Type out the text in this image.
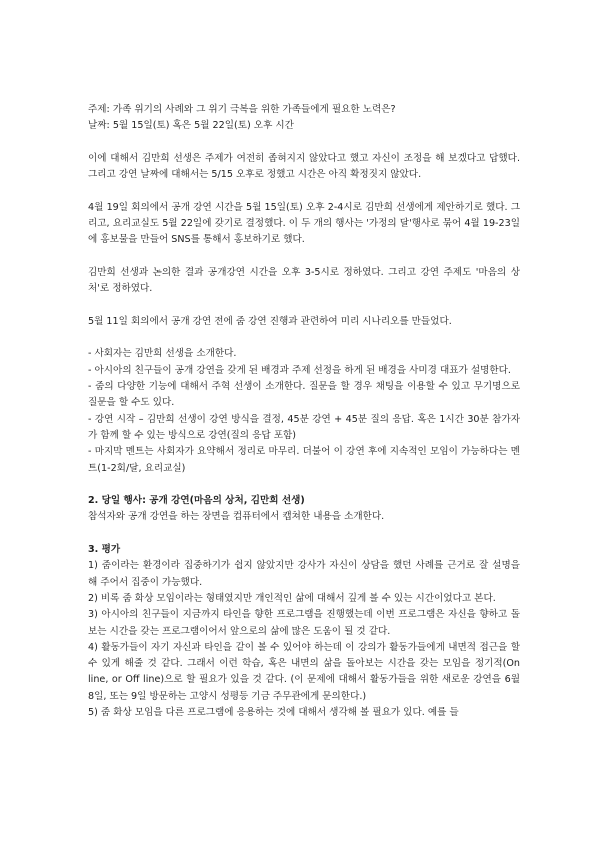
주제: 가족 위기의 사례와 그 위기 극복을 위한 가족들에게 필요한 노력은?

날짜: 5월 15일(토) 혹은 5월 22일(토) 오후 시간

이에 대해서 김만희 선생은 주제가 여전히 좁혀지지 않았다고 했고 자신이 조정을 해 보겠다고 답했다. 그리고 강연 날짜에 대해서는 5/15 오후로 정했고 시간은 아직 확정짓지 않았다.

4월 19일 회의에서 공개 강연 시간을 5월 15일(토) 오후 2-4시로 김만희 선생에게 제안하기로 했다. 그리고, 요리교실도 5월 22일에 갖기로 결정했다. 이 두 개의 행사는 '가정의 달'행사로 묶어 4월 19-23일에 홍보물을 만들어 SNS를 통해서 홍보하기로 했다.

김만희 선생과 논의한 결과 공개강연 시간을 오후 3-5시로 정하였다. 그리고 강연 주제도 '마음의 상처'로 정하였다.

5월 11일 회의에서 공개 강연 전에 줌 강연 진행과 관련하여 미리 시나리오를 만들었다.

- 사회자는 김만희 선생을 소개한다.

- 아시아의 친구들이 공개 강연을 갖게 된 배경과 주제 선정을 하게 된 배경을 사미경 대표가 설명한다.

- 줌의 다양한 기능에 대해서 주혁 선생이 소개한다. 질문을 할 경우 채팅을 이용할 수 있고 무기명으로 질문을 할 수도 있다.

- 강연 시작 – 김만희 선생이 강연 방식을 결정, 45분 강연 + 45분 질의 응답. 혹은 1시간 30분 참가자가 함께 할 수 있는 방식으로 강연(질의 응답 포함)

- 마지막 멘트는 사회자가 요약해서 정리로 마무리. 더불어 이 강연 후에 지속적인 모임이 가능하다는 멘트(1-2회/달, 요리교실)

2. 당일 행사: 공개 강연(마음의 상처, 김만희 선생)

참석자와 공개 강연을 하는 장면을 컴퓨터에서 캡쳐한 내용을 소개한다.

3. 평가

1) 줌이라는 환경이라 집중하기가 쉽지 않았지만 강사가 자신이 상담을 했던 사례를 근거로 잘 설명을 해 주어서 집중이 가능했다.

2) 비록 줌 화상 모임이라는 형태였지만 개인적인 삶에 대해서 깊게 볼 수 있는 시간이었다고 본다.

3) 아시아의 친구들이 지금까지 타인을 향한 프로그램을 진행했는데 이번 프로그램은 자신을 향하고 돌보는 시간을 갖는 프로그램이어서 앞으로의 삶에 많은 도움이 될 것 같다.

4) 활동가들이 자기 자신과 타인을 같이 볼 수 있어야 하는데 이 강의가 활동가들에게 내면적 접근을 할 수 있게 해줄 것 같다. 그래서 이런 학습, 혹은 내면의 삶을 돌아보는 시간을 갖는 모임을 정기적(On line, or Off line)으로 할 필요가 있을 것 같다. (이 문제에 대해서 활동가들을 위한 새로운 강연을 6월 8일, 또는 9일 방문하는 고양시 성평등 기금 주무관에게 문의한다.)

5) 줌 화상 모임을 다른 프로그램에 응용하는 것에 대해서 생각해 볼 필요가 있다. 예를 들
